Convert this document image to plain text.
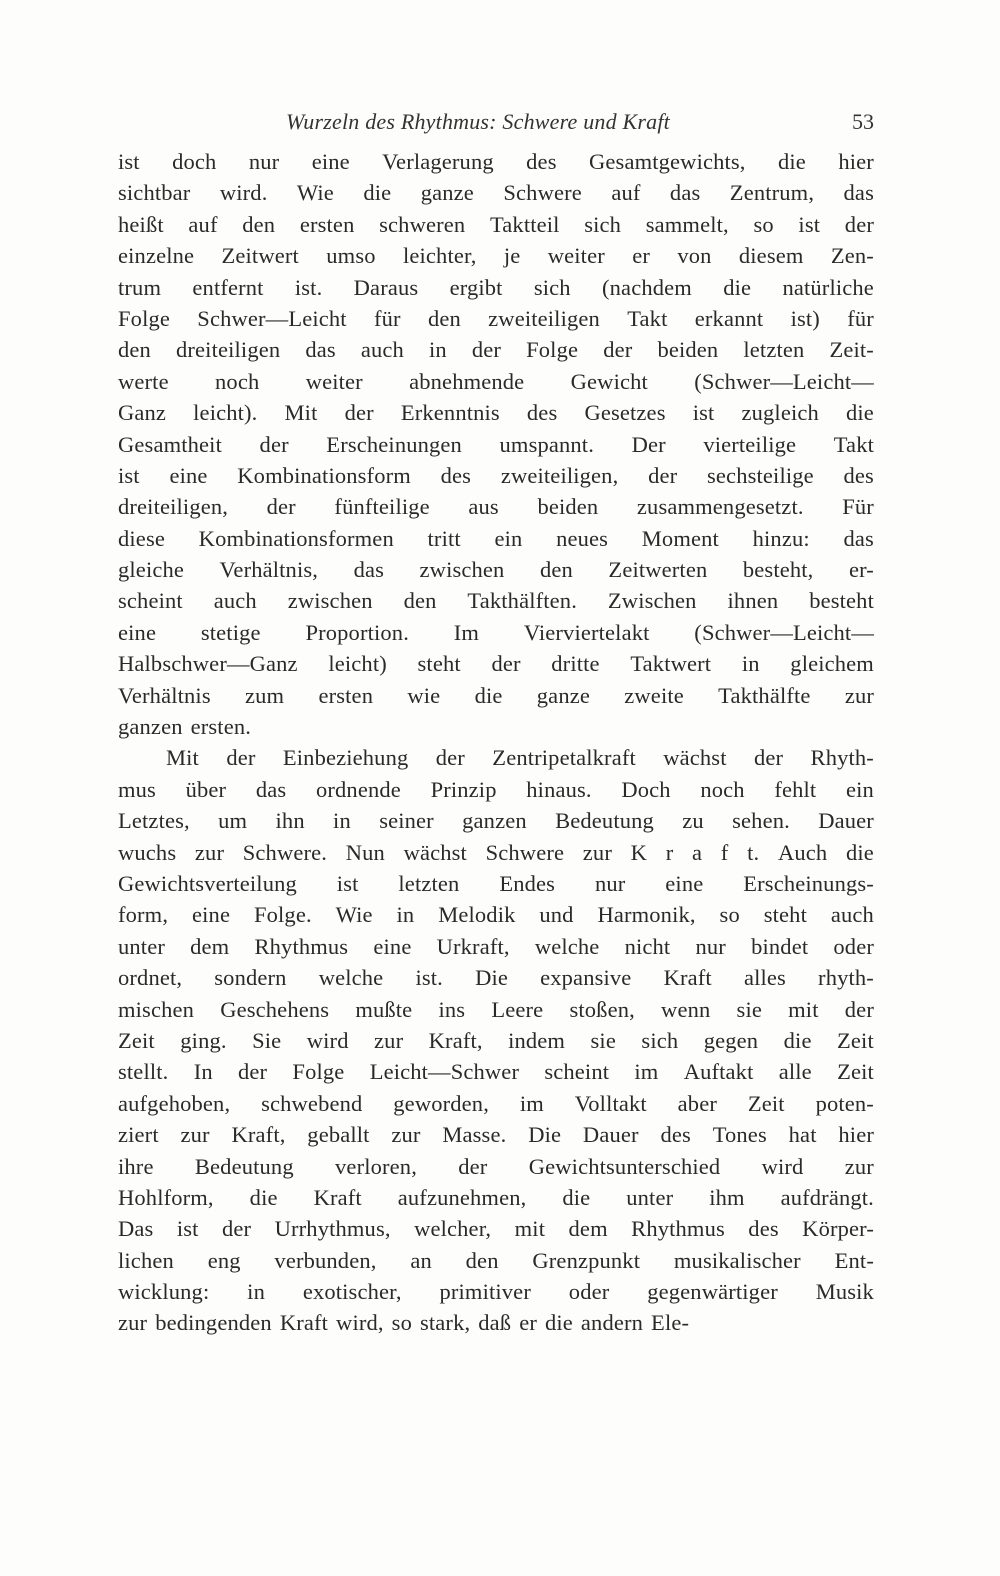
Wurzeln des Rhythmus: Schwere und Kraft	53
ist doch nur eine Verlagerung des Gesamtgewichts, die hier
sichtbar wird. Wie die ganze Schwere auf das Zentrum, das
heißt auf den ersten schweren Taktteil sich sammelt, so ist der
einzelne Zeitwert umso leichter, je weiter er von diesem Zen-
trum entfernt ist. Daraus ergibt sich (nachdem die natürliche
Folge Schwer—Leicht für den zweiteiligen Takt erkannt ist) für
den dreiteiligen das auch in der Folge der beiden letzten Zeit-
werte noch weiter abnehmende Gewicht (Schwer—Leicht—
Ganz leicht). Mit der Erkenntnis des Gesetzes ist zugleich die
Gesamtheit der Erscheinungen umspannt. Der vierteilige Takt
ist eine Kombinationsform des zweiteiligen, der sechsteilige des
dreiteiligen, der fünfteilige aus beiden zusammengesetzt. Für
diese Kombinationsformen tritt ein neues Moment hinzu: das
gleiche Verhältnis, das zwischen den Zeitwerten besteht, er-
scheint auch zwischen den Takthälften. Zwischen ihnen besteht
eine stetige Proportion. Im Vierviertelakt (Schwer—Leicht—
Halbschwer—Ganz leicht) steht der dritte Taktwert in gleichem
Verhältnis zum ersten wie die ganze zweite Takthälfte zur
ganzen ersten.
Mit der Einbeziehung der Zentripetalkraft wächst der Rhyth-
mus über das ordnende Prinzip hinaus. Doch noch fehlt ein
Letztes, um ihn in seiner ganzen Bedeutung zu sehen. Dauer
wuchs zur Schwere. Nun wächst Schwere zur K r a f t. Auch die
Gewichtsverteilung ist letzten Endes nur eine Erscheinungs-
form, eine Folge. Wie in Melodik und Harmonik, so steht auch
unter dem Rhythmus eine Urkraft, welche nicht nur bindet oder
ordnet, sondern welche ist. Die expansive Kraft alles rhyth-
mischen Geschehens mußte ins Leere stoßen, wenn sie mit der
Zeit ging. Sie wird zur Kraft, indem sie sich gegen die Zeit
stellt. In der Folge Leicht—Schwer scheint im Auftakt alle Zeit
aufgehoben, schwebend geworden, im Volltakt aber Zeit poten-
ziert zur Kraft, geballt zur Masse. Die Dauer des Tones hat hier
ihre Bedeutung verloren, der Gewichtsunterschied wird zur
Hohlform, die Kraft aufzunehmen, die unter ihm aufdrängt.
Das ist der Urrhythmus, welcher, mit dem Rhythmus des Körper-
lichen eng verbunden, an den Grenzpunkt musikalischer Ent-
wicklung: in exotischer, primitiver oder gegenwärtiger Musik
zur bedingenden Kraft wird, so stark, daß er die andern Ele-
